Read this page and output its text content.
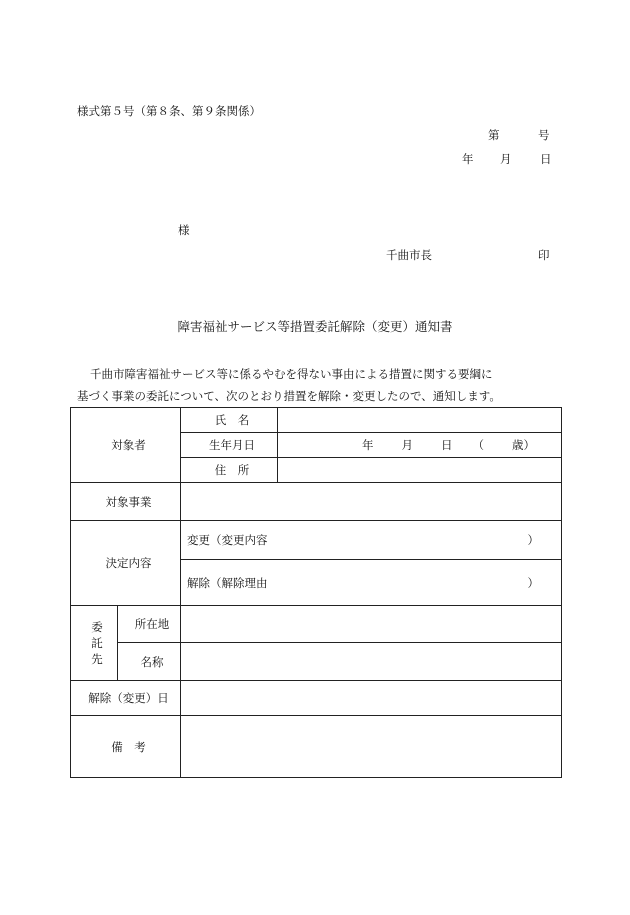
様式第５号（第８条、第９条関係）
第	号
年 月 日
様
千曲市長	印
障害福祉サービス等措置委託解除（変更）通知書
千曲市障害福祉サービス等に係るやむを得ない事由による措置に関する要綱に
基づく事業の委託について、次のとおり措置を解除・変更したので、通知します。
対象者		氏　名	
		生年月日	年 月 日 （ 歳）

		住　所	
対象事業			
決定内容		変更（変更内容 ）	

		解除（解除理由 ）	

委
託
先	所在地		
	名称		
解除（変更）日			
備　考			
